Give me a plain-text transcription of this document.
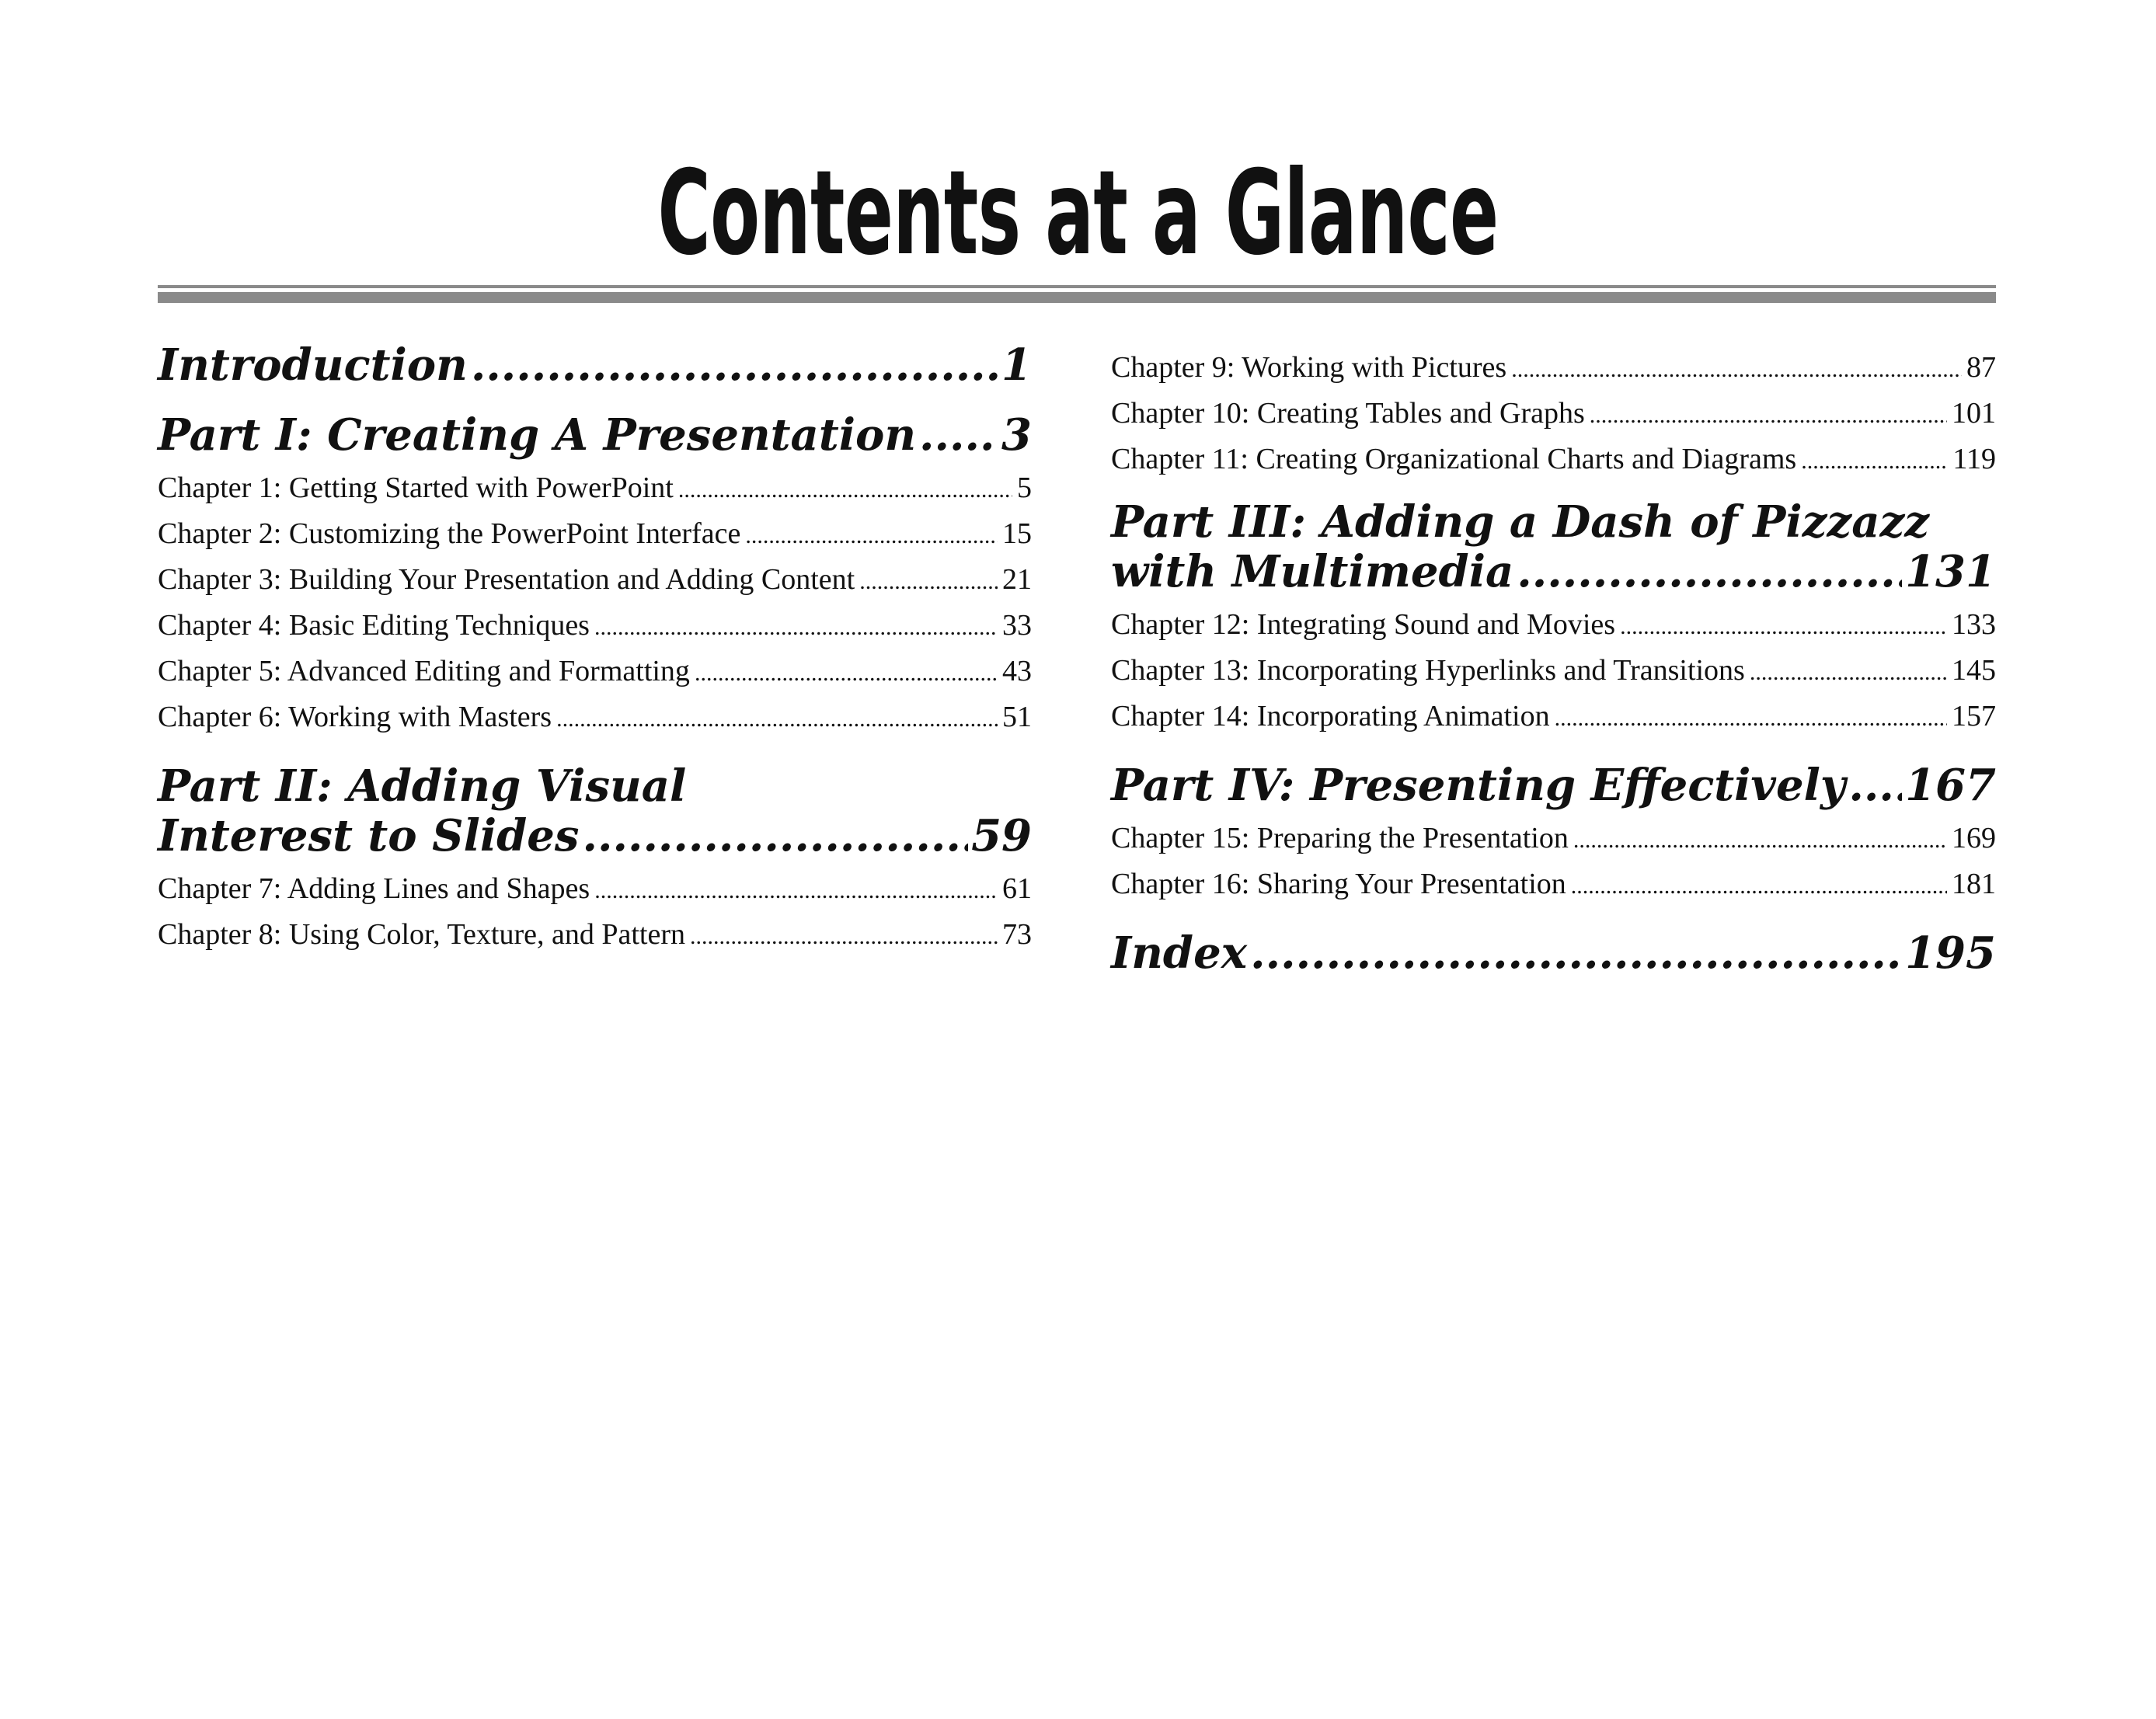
Contents at a Glance
Introduction .....	1
Part I: Creating A Presentation ..... 3
Chapter 1: Getting Started with PowerPoint .....	5
Chapter 2: Customizing the PowerPoint Interface .....	15
Chapter 3: Building Your Presentation and Adding Content .....	21
Chapter 4: Basic Editing Techniques .....	33
Chapter 5: Advanced Editing and Formatting .....	43
Chapter 6: Working with Masters .....	51
Part II: Adding Visual
Interest to Slides .....	59
Chapter 7: Adding Lines and Shapes .....	61
Chapter 8: Using Color, Texture, and Pattern .....	73
Chapter 9: Working with Pictures .....	87
Chapter 10: Creating Tables and Graphs .....	101
Chapter 11: Creating Organizational Charts and Diagrams .....	119
Part III: Adding a Dash of Pizzazz
with Multimedia .....	131
Chapter 12: Integrating Sound and Movies .....	133
Chapter 13: Incorporating Hyperlinks and Transitions .....	145
Chapter 14: Incorporating Animation .....	157
Part IV: Presenting Effectively ..... 167
Chapter 15: Preparing the Presentation .....	169
Chapter 16: Sharing Your Presentation .....	181
Index .....	195
